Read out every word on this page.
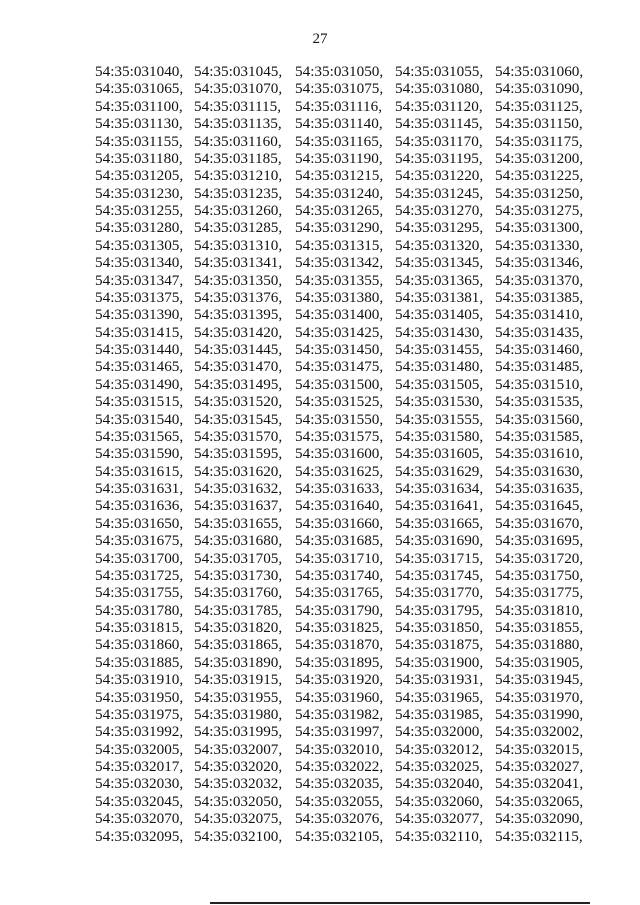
27
54:35:031040,	54:35:031045,	54:35:031050,	54:35:031055,	54:35:031060,
54:35:031065,	54:35:031070,	54:35:031075,	54:35:031080,	54:35:031090,
54:35:031100,	54:35:031115,	54:35:031116,	54:35:031120,	54:35:031125,
54:35:031130,	54:35:031135,	54:35:031140,	54:35:031145,	54:35:031150,
54:35:031155,	54:35:031160,	54:35:031165,	54:35:031170,	54:35:031175,
54:35:031180,	54:35:031185,	54:35:031190,	54:35:031195,	54:35:031200,
54:35:031205,	54:35:031210,	54:35:031215,	54:35:031220,	54:35:031225,
54:35:031230,	54:35:031235,	54:35:031240,	54:35:031245,	54:35:031250,
54:35:031255,	54:35:031260,	54:35:031265,	54:35:031270,	54:35:031275,
54:35:031280,	54:35:031285,	54:35:031290,	54:35:031295,	54:35:031300,
54:35:031305,	54:35:031310,	54:35:031315,	54:35:031320,	54:35:031330,
54:35:031340,	54:35:031341,	54:35:031342,	54:35:031345,	54:35:031346,
54:35:031347,	54:35:031350,	54:35:031355,	54:35:031365,	54:35:031370,
54:35:031375,	54:35:031376,	54:35:031380,	54:35:031381,	54:35:031385,
54:35:031390,	54:35:031395,	54:35:031400,	54:35:031405,	54:35:031410,
54:35:031415,	54:35:031420,	54:35:031425,	54:35:031430,	54:35:031435,
54:35:031440,	54:35:031445,	54:35:031450,	54:35:031455,	54:35:031460,
54:35:031465,	54:35:031470,	54:35:031475,	54:35:031480,	54:35:031485,
54:35:031490,	54:35:031495,	54:35:031500,	54:35:031505,	54:35:031510,
54:35:031515,	54:35:031520,	54:35:031525,	54:35:031530,	54:35:031535,
54:35:031540,	54:35:031545,	54:35:031550,	54:35:031555,	54:35:031560,
54:35:031565,	54:35:031570,	54:35:031575,	54:35:031580,	54:35:031585,
54:35:031590,	54:35:031595,	54:35:031600,	54:35:031605,	54:35:031610,
54:35:031615,	54:35:031620,	54:35:031625,	54:35:031629,	54:35:031630,
54:35:031631,	54:35:031632,	54:35:031633,	54:35:031634,	54:35:031635,
54:35:031636,	54:35:031637,	54:35:031640,	54:35:031641,	54:35:031645,
54:35:031650,	54:35:031655,	54:35:031660,	54:35:031665,	54:35:031670,
54:35:031675,	54:35:031680,	54:35:031685,	54:35:031690,	54:35:031695,
54:35:031700,	54:35:031705,	54:35:031710,	54:35:031715,	54:35:031720,
54:35:031725,	54:35:031730,	54:35:031740,	54:35:031745,	54:35:031750,
54:35:031755,	54:35:031760,	54:35:031765,	54:35:031770,	54:35:031775,
54:35:031780,	54:35:031785,	54:35:031790,	54:35:031795,	54:35:031810,
54:35:031815,	54:35:031820,	54:35:031825,	54:35:031850,	54:35:031855,
54:35:031860,	54:35:031865,	54:35:031870,	54:35:031875,	54:35:031880,
54:35:031885,	54:35:031890,	54:35:031895,	54:35:031900,	54:35:031905,
54:35:031910,	54:35:031915,	54:35:031920,	54:35:031931,	54:35:031945,
54:35:031950,	54:35:031955,	54:35:031960,	54:35:031965,	54:35:031970,
54:35:031975,	54:35:031980,	54:35:031982,	54:35:031985,	54:35:031990,
54:35:031992,	54:35:031995,	54:35:031997,	54:35:032000,	54:35:032002,
54:35:032005,	54:35:032007,	54:35:032010,	54:35:032012,	54:35:032015,
54:35:032017,	54:35:032020,	54:35:032022,	54:35:032025,	54:35:032027,
54:35:032030,	54:35:032032,	54:35:032035,	54:35:032040,	54:35:032041,
54:35:032045,	54:35:032050,	54:35:032055,	54:35:032060,	54:35:032065,
54:35:032070,	54:35:032075,	54:35:032076,	54:35:032077,	54:35:032090,
54:35:032095,	54:35:032100,	54:35:032105,	54:35:032110,	54:35:032115,
